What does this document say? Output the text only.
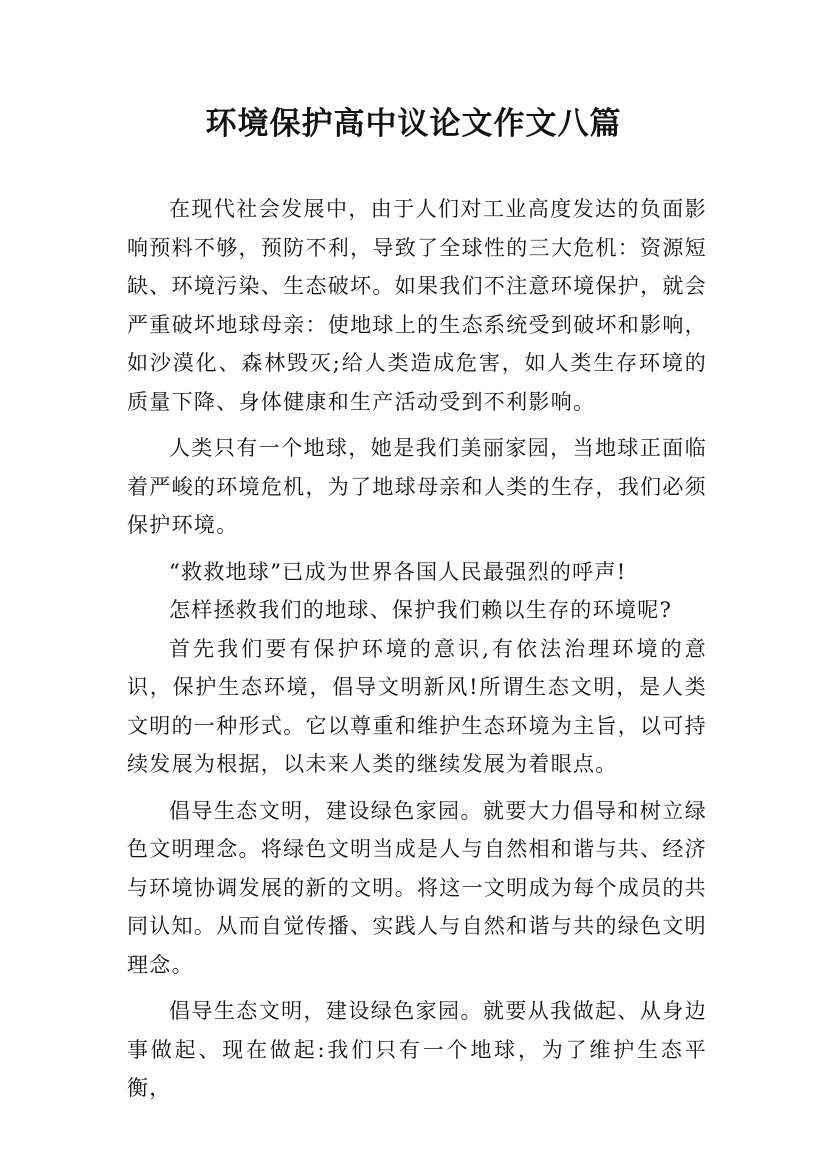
环境保护高中议论文作文八篇

在现代社会发展中，由于人们对工业高度发达的负面影响预料不够，预防不利，导致了全球性的三大危机：资源短缺、环境污染、生态破坏。如果我们不注意环境保护，就会严重破坏地球母亲：使地球上的生态系统受到破坏和影响，如沙漠化、森林毁灭;给人类造成危害，如人类生存环境的质量下降、身体健康和生产活动受到不利影响。

人类只有一个地球，她是我们美丽家园，当地球正面临着严峻的环境危机，为了地球母亲和人类的生存，我们必须保护环境。

“救救地球”已成为世界各国人民最强烈的呼声!

怎样拯救我们的地球、保护我们赖以生存的环境呢?

首先我们要有保护环境的意识,有依法治理环境的意识，保护生态环境，倡导文明新风!所谓生态文明，是人类文明的一种形式。它以尊重和维护生态环境为主旨，以可持续发展为根据，以未来人类的继续发展为着眼点。

倡导生态文明，建设绿色家园。就要大力倡导和树立绿色文明理念。将绿色文明当成是人与自然相和谐与共、经济与环境协调发展的新的文明。将这一文明成为每个成员的共同认知。从而自觉传播、实践人与自然和谐与共的绿色文明理念。

倡导生态文明，建设绿色家园。就要从我做起、从身边事做起、现在做起:我们只有一个地球，为了维护生态平衡，
